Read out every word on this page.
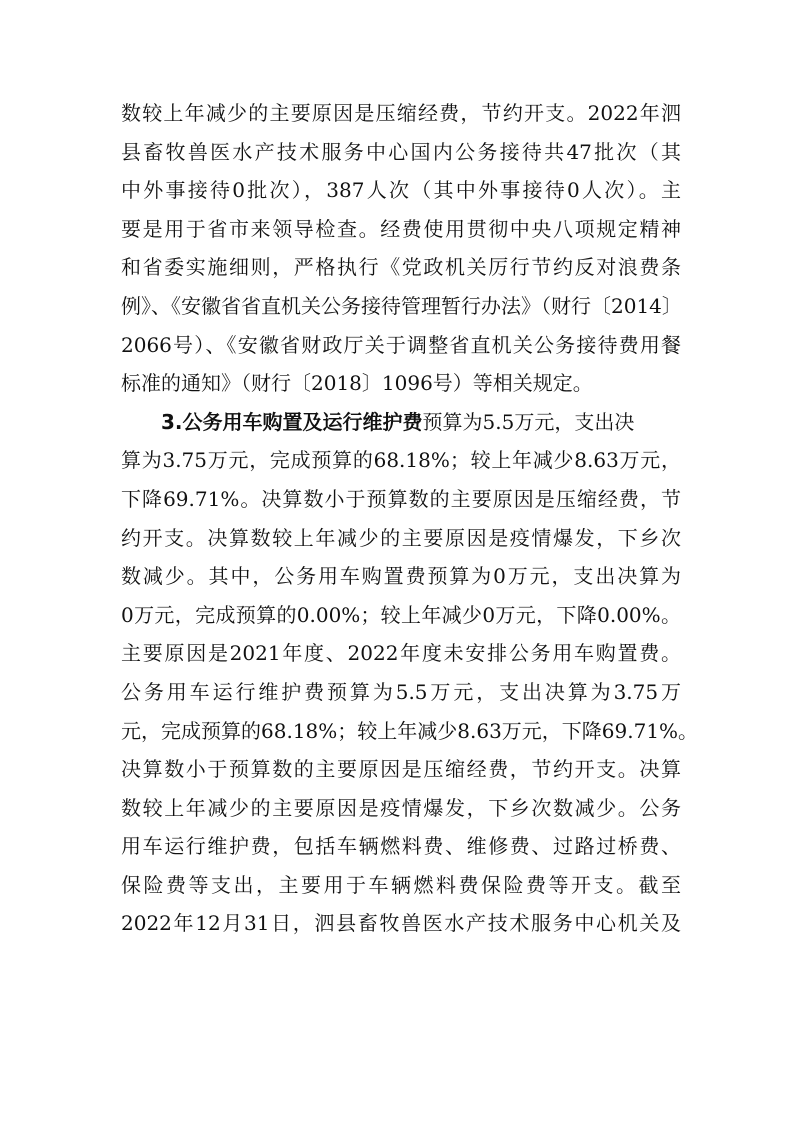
数较上年减少的主要原因是压缩经费，节约开支。2022年泗
县畜牧兽医水产技术服务中心国内公务接待共47批次（其
中外事接待0批次），387人次（其中外事接待0人次）。主
要是用于省市来领导检查。经费使用贯彻中央八项规定精神
和省委实施细则，严格执行《党政机关厉行节约反对浪费条
例》、《安徽省省直机关公务接待管理暂行办法》（财行〔2014〕
2066号）、《安徽省财政厅关于调整省直机关公务接待费用餐
标准的通知》（财行〔2018〕1096号）等相关规定。
3.公务用车购置及运行维护费预算为5.5万元，支出决
算为3.75万元，完成预算的68.18%；较上年减少8.63万元，
下降69.71%。决算数小于预算数的主要原因是压缩经费，节
约开支。决算数较上年减少的主要原因是疫情爆发，下乡次
数减少。其中，公务用车购置费预算为0万元，支出决算为
0万元，完成预算的0.00%；较上年减少0万元，下降0.00%。
主要原因是2021年度、2022年度未安排公务用车购置费。
公务用车运行维护费预算为5.5万元，支出决算为3.75万
元，完成预算的68.18%；较上年减少8.63万元，下降69.71%。
决算数小于预算数的主要原因是压缩经费，节约开支。决算
数较上年减少的主要原因是疫情爆发，下乡次数减少。公务
用车运行维护费，包括车辆燃料费、维修费、过路过桥费、
保险费等支出，主要用于车辆燃料费保险费等开支。截至
2022年12月31日，泗县畜牧兽医水产技术服务中心机关及
